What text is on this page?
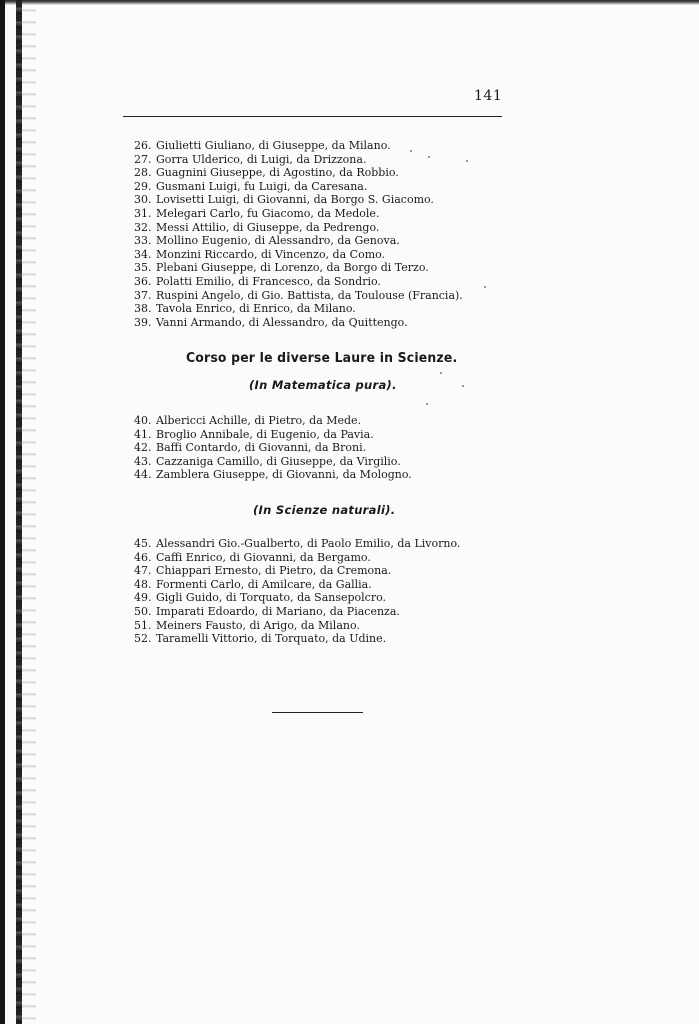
141
26. Giulietti Giuliano, di Giuseppe, da Milano.
27. Gorra Ulderico, di Luigi, da Drizzona.
28. Guagnini Giuseppe, di Agostino, da Robbio.
29. Gusmani Luigi, fu Luigi, da Caresana.
30. Lovisetti Luigi, di Giovanni, da Borgo S. Giacomo.
31. Melegari Carlo, fu Giacomo, da Medole.
32. Messi Attilio, di Giuseppe, da Pedrengo.
33. Mollino Eugenio, di Alessandro, da Genova.
34. Monzini Riccardo, di Vincenzo, da Como.
35. Plebani Giuseppe, di Lorenzo, da Borgo di Terzo.
36. Polatti Emilio, di Francesco, da Sondrio.
37. Ruspini Angelo, di Gio. Battista, da Toulouse (Francia).
38. Tavola Enrico, di Enrico, da Milano.
39. Vanni Armando, di Alessandro, da Quittengo.
Corso per le diverse Laure in Scienze.
(In Matematica pura).
40. Albericci Achille, di Pietro, da Mede.
41. Broglio Annibale, di Eugenio, da Pavia.
42. Baffi Contardo, di Giovanni, da Broni.
43. Cazzaniga Camillo, di Giuseppe, da Virgilio.
44. Zamblera Giuseppe, di Giovanni, da Mologno.
(In Scienze naturali).
45. Alessandri Gio.-Gualberto, di Paolo Emilio, da Livorno.
46. Caffi Enrico, di Giovanni, da Bergamo.
47. Chiappari Ernesto, di Pietro, da Cremona.
48. Formenti Carlo, di Amilcare, da Gallia.
49. Gigli Guido, di Torquato, da Sansepolcro.
50. Imparati Edoardo, di Mariano, da Piacenza.
51. Meiners Fausto, di Arigo, da Milano.
52. Taramelli Vittorio, di Torquato, da Udine.
